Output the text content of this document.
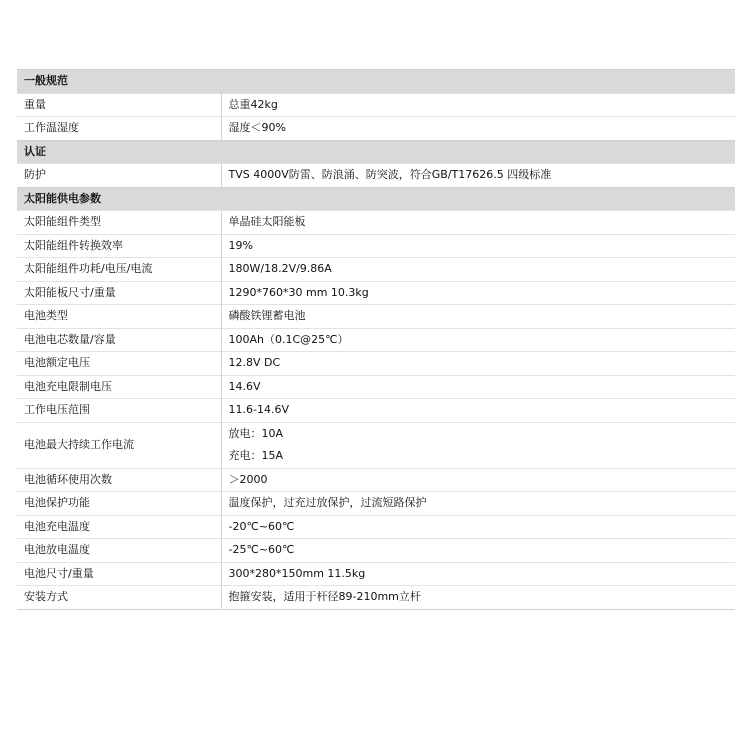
一般规范	
重量	总重42kg
工作温湿度	湿度＜90%
认证	
防护	TVS 4000V防雷、防浪涌、防突波，符合GB/T17626.5 四级标准
太阳能供电参数	
太阳能组件类型	单晶硅太阳能板
太阳能组件转换效率	19%
太阳能组件功耗/电压/电流	180W/18.2V/9.86A
太阳能板尺寸/重量	1290*760*30 mm 10.3kg
电池类型	磷酸铁锂蓄电池
电池电芯数量/容量	100Ah（0.1C@25℃）
电池额定电压	12.8V DC
电池充电限制电压	14.6V
工作电压范围	11.6-14.6V
电池最大持续工作电流	放电：10A
充电：15A

电池循环使用次数	＞2000
电池保护功能	温度保护，过充过放保护，过流短路保护
电池充电温度	-20℃~60℃
电池放电温度	-25℃~60℃
电池尺寸/重量	300*280*150mm 11.5kg
安装方式	抱箍安装，适用于杆径89-210mm立杆
